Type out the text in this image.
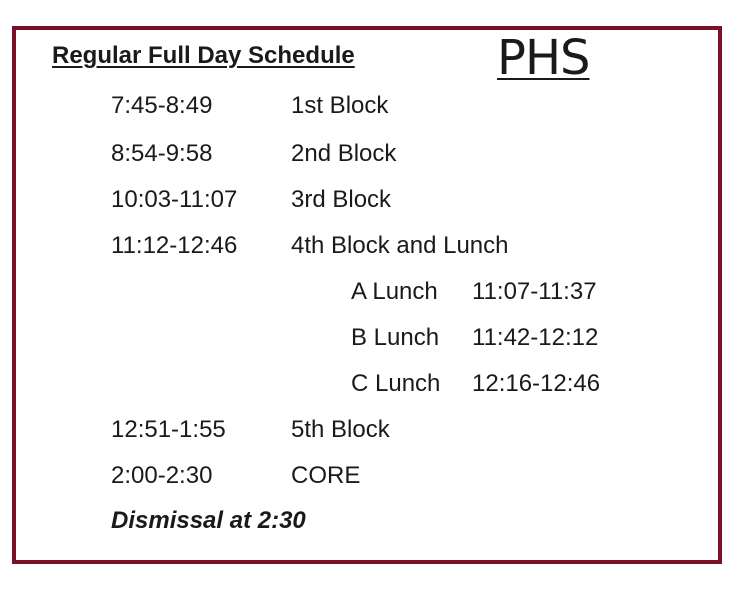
Regular Full Day Schedule	PHS
7:45-8:49	1st Block
8:54-9:58	2nd Block
10:03-11:07 3rd Block
11:12-12:46 4th Block and Lunch
A Lunch 11:07-11:37
B Lunch 11:42-12:12
C Lunch 12:16-12:46
12:51-1:55	5th Block
2:00-2:30	CORE
Dismissal at 2:30
